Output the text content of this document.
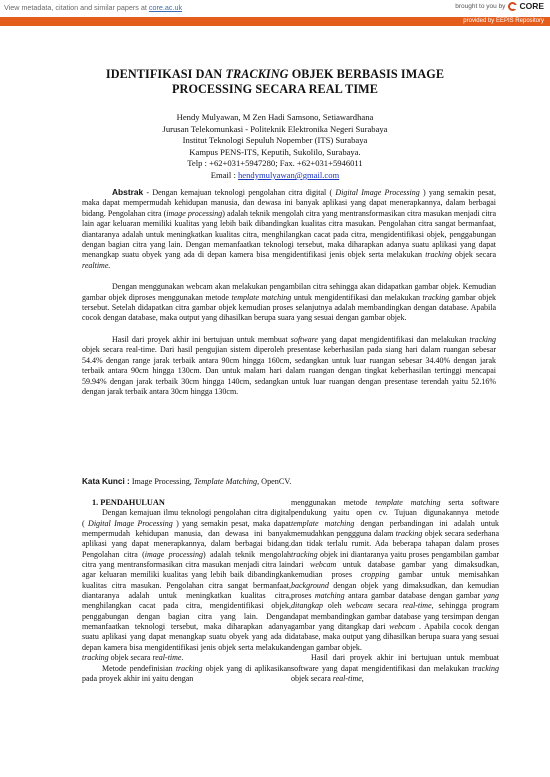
View metadata, citation and similar papers at core.ac.uk	brought to you by CORE
provided by EEPIS Repository
IDENTIFIKASI DAN TRACKING OBJEK BERBASIS IMAGE
PROCESSING SECARA REAL TIME
Hendy Mulyawan, M Zen Hadi Samsono, Setiawardhana
Jurusan Telekomunkasi - Politeknik Elektronika Negeri Surabaya
Institut Teknologi Sepuluh Nopember (ITS) Surabaya
Kampus PENS-ITS, Keputih, Sukolilo, Surabaya.
Telp : +62+031+5947280; Fax. +62+031+5946011
Email : hendymulyawan@gmail.com

Abstrak - Dengan kemajuan teknologi pengolahan citra digital ( Digital Image Processing ) yang semakin pesat, maka dapat mempermudah kehidupan manusia, dan dewasa ini banyak aplikasi yang dapat menerapkannya, dalam berbagai bidang. Pengolahan citra (image processing) adalah teknik mengolah citra yang mentransformasikan citra masukan menjadi citra lain agar keluaran memiliki kualitas yang lebih baik dibandingkan kualitas citra masukan. Pengolahan citra sangat bermanfaat, diantaranya adalah untuk meningkatkan kualitas citra, menghilangkan cacat pada citra, mengidentifikasi objek, penggabungan dengan bagian citra yang lain. Dengan memanfaatkan teknologi tersebut, maka diharapkan adanya suatu aplikasi yang dapat menangkap suatu obyek yang ada di depan kamera bisa mengidentifikasi jenis objek serta melakukan tracking objek secara realtime.

Dengan menggunakan webcam akan melakukan pengambilan citra sehingga akan didapatkan gambar objek. Kemudian gambar objek diproses menggunakan metode template matching untuk mengidentifikasi dan melakukan tracking gambar objek tersebut. Setelah didapatkan citra gambar objek kemudian proses selanjutnya adalah membandingkan dengan database. Apabila cocok dengan database, maka output yang dihasilkan berupa suara yang sesuai dengan gambar objek.

Hasil dari proyek akhir ini bertujuan untuk membuat software yang dapat mengidentifikasi dan melakukan tracking objek secara real-time. Dari hasil pengujian sistem diperoleh presentase keberhasilan pada siang hari dalam ruangan sebesar 54.4% dengan range jarak terbaik antara 90cm hingga 160cm, sedangkan untuk luar ruangan sebesar 34.40% dengan jarak terbaik antara 90cm hingga 130cm. Dan untuk malam hari dalam ruangan dengan tingkat keberhasilan tertinggi mencapai 59.94% dengan jarak terbaik 30cm hingga 140cm, sedangkan untuk luar ruangan dengan presentase terendah yaitu 52.16% dengan jarak terbaik antara 30cm hingga 130cm.

Kata Kunci : Image Processing, Template Matching, OpenCV.
1. PENDAHULUAN

Dengan kemajuan ilmu teknologi pengolahan citra digital ( Digital Image Processing ) yang semakin pesat, maka dapat mempermudah kehidupan manusia, dan dewasa ini banyak aplikasi yang dapat menerapkannya, dalam berbagai bidang. Pengolahan citra (image processing) adalah teknik mengolah citra yang mentransformasikan citra masukan menjadi citra lain agar keluaran memiliki kualitas yang lebih baik dibandingkan kualitas citra masukan. Pengolahan citra sangat bermanfaat, diantaranya adalah untuk meningkatkan kualitas citra, menghilangkan cacat pada citra, mengidentifikasi objek, penggabungan dengan bagian citra yang lain. Dengan memanfaatkan teknologi tersebut, maka diharapkan adanya suatu aplikasi yang dapat menangkap suatu obyek yang ada di depan kamera bisa mengidentifikasi jenis objek serta melakukan tracking objek secara real-time.

Metode pendefinisian tracking objek yang di aplikasikan pada proyek akhir ini yaitu dengan

menggunakan metode template matching serta software pendukung yaitu open cv. Tujuan digunakannya metode template matching dengan perbandingan ini adalah untuk memudahkan penggguna dalam tracking objek secara sederhana dan tidak terlalu rumit. Ada beberapa tahapan dalam proses tracking objek ini diantaranya yaitu proses pengambilan gambar dari webcam untuk database gambar yang dimaksudkan, kemudian proses cropping gambar untuk memisahkan background dengan objek yang dimaksudkan, dan kemudian proses matching antara gambar database dengan gambar yang ditangkap oleh webcam secara real-time, sehingga program dapat membandingkan gambar database yang tersimpan dengan gambar yang ditangkap dari webcam . Apabila cocok dengan database, maka output yang dihasilkan berupa suara yang sesuai dengan gambar objek.

Hasil dari proyek akhir ini bertujuan untuk membuat software yang dapat mengidentifikasi dan melakukan tracking objek secara real-time,
